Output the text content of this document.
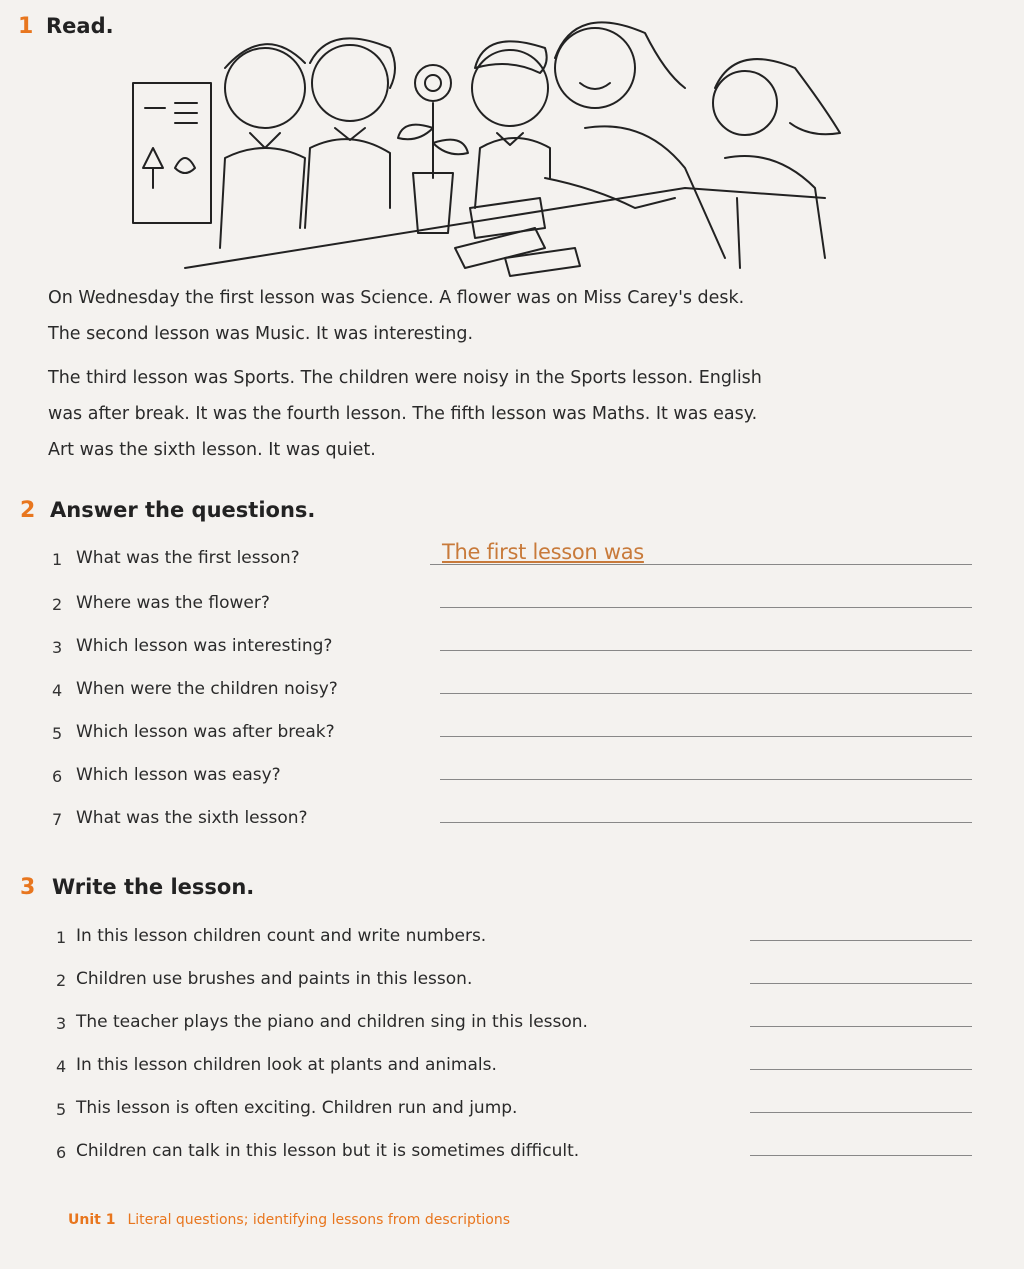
1 Read.

On Wednesday the first lesson was Science. A flower was on Miss Carey's desk.

The second lesson was Music. It was interesting.

The third lesson was Sports. The children were noisy in the Sports lesson. English

was after break. It was the fourth lesson. The fifth lesson was Maths. It was easy.

Art was the sixth lesson. It was quiet.

2 Answer the questions.
1 What was the first lesson?	The first lesson was
2 Where was the flower?
3 Which lesson was interesting?
4 When were the children noisy?
5 Which lesson was after break?
6 Which lesson was easy?
7 What was the sixth lesson?
3 Write the lesson.
1 In this lesson children count and write numbers.
2 Children use brushes and paints in this lesson.
3 The teacher plays the piano and children sing in this lesson.
4 In this lesson children look at plants and animals.
5 This lesson is often exciting. Children run and jump.
6 Children can talk in this lesson but it is sometimes difficult.
Unit 1 Literal questions; identifying lessons from descriptions
